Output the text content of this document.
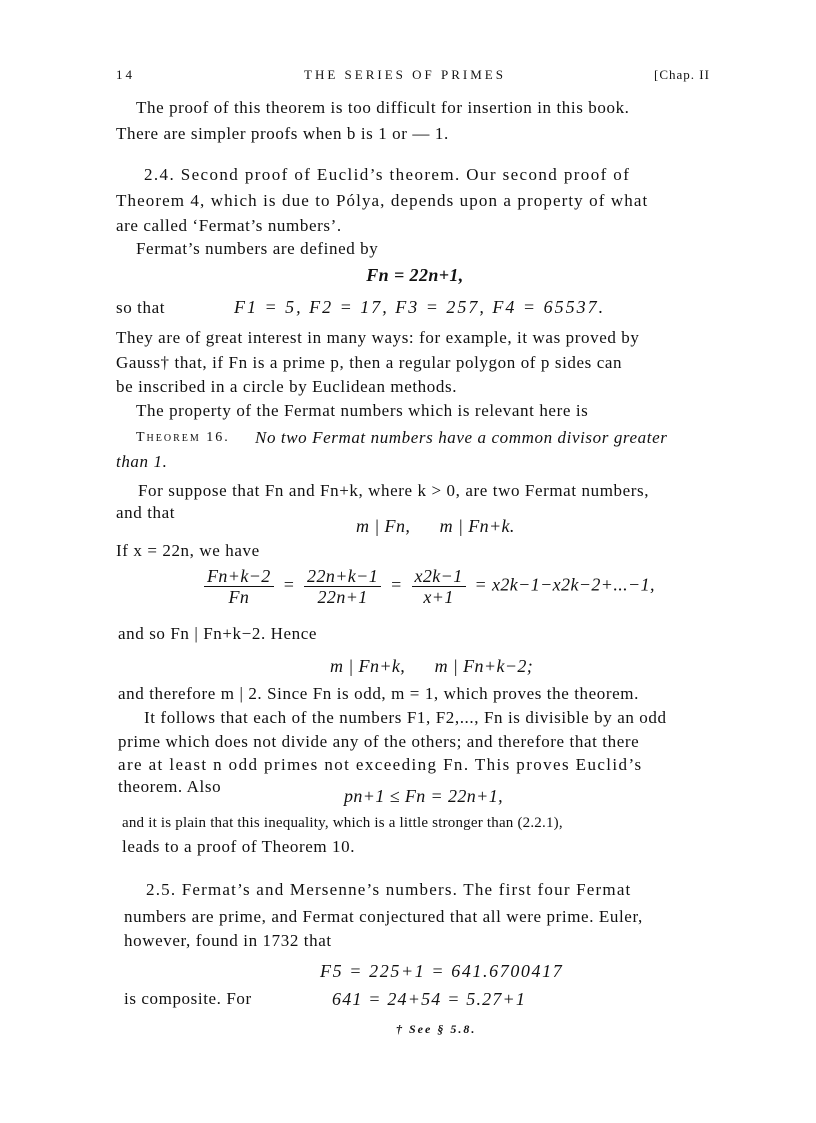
14	THE SERIES OF PRIMES	[Chap. II
The proof of this theorem is too difficult for insertion in this book.
There are simpler proofs when b is 1 or — 1.
2.4. Second proof of Euclid’s theorem. Our second proof of
Theorem 4, which is due to Pólya, depends upon a property of what
are called ‘Fermat’s numbers’.
Fermat’s numbers are defined by
Fn = 22n+1,
so that	F1 = 5, F2 = 17, F3 = 257, F4 = 65537.
They are of great interest in many ways: for example, it was proved by
Gauss† that, if Fn is a prime p, then a regular polygon of p sides can
be inscribed in a circle by Euclidean methods.
The property of the Fermat numbers which is relevant here is
Theorem 16. No two Fermat numbers have a common divisor greater
than 1.
For suppose that Fn and Fn+k, where k > 0, are two Fermat numbers,
and that
m | Fn,      m | Fn+k.
If x = 22n, we have
$\frac{Fn+k-2}{Fn} = \frac{22n+k-1}{22n+1} = \frac{x2k-1}{x+1} = x2k-1-x2k-2+...-1$,
and so Fn | Fn+k−2. Hence
m | Fn+k,      m | Fn+k−2;
and therefore m | 2. Since Fn is odd, m = 1, which proves the theorem.
It follows that each of the numbers F1, F2,..., Fn is divisible by an odd
prime which does not divide any of the others; and therefore that there
are at least n odd primes not exceeding Fn. This proves Euclid’s
theorem. Also	pn+1 ≤ Fn = 22n+1,
and it is plain that this inequality, which is a little stronger than (2.2.1),
leads to a proof of Theorem 10.
2.5. Fermat’s and Mersenne’s numbers. The first four Fermat
numbers are prime, and Fermat conjectured that all were prime. Euler,
however, found in 1732 that
F5 = 225+1 = 641.6700417
is composite. For	641 = 24+54 = 5.27+1
† See § 5.8.
